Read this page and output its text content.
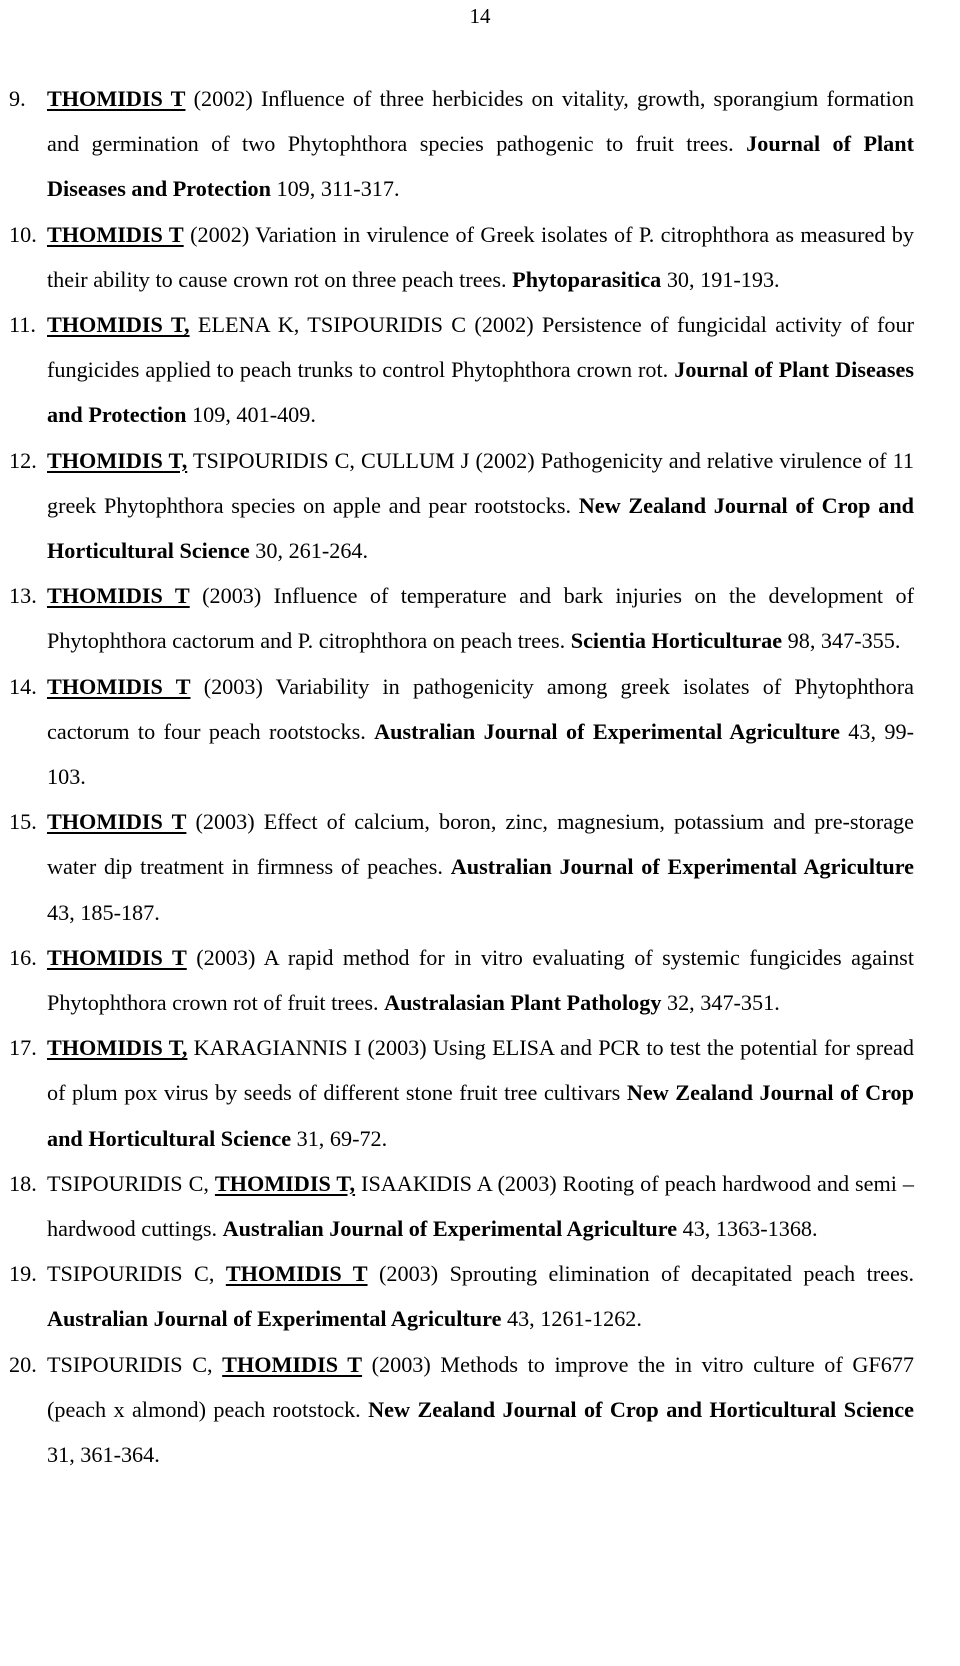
14
9. THOMIDIS T (2002) Influence of three herbicides on vitality, growth, sporangium formation and germination of two Phytophthora species pathogenic to fruit trees. Journal of Plant Diseases and Protection 109, 311-317.
10. THOMIDIS T (2002) Variation in virulence of Greek isolates of P. citrophthora as measured by their ability to cause crown rot on three peach trees. Phytoparasitica 30, 191-193.
11. THOMIDIS T, ELENA K, TSIPOURIDIS C (2002) Persistence of fungicidal activity of four fungicides applied to peach trunks to control Phytophthora crown rot. Journal of Plant Diseases and Protection 109, 401-409.
12. THOMIDIS T, TSIPOURIDIS C, CULLUM J (2002) Pathogenicity and relative virulence of 11 greek Phytophthora species on apple and pear rootstocks. New Zealand Journal of Crop and Horticultural Science 30, 261-264.
13. THOMIDIS T (2003) Influence of temperature and bark injuries on the development of Phytophthora cactorum and P. citrophthora on peach trees. Scientia Horticulturae 98, 347-355.
14. THOMIDIS T (2003) Variability in pathogenicity among greek isolates of Phytophthora cactorum to four peach rootstocks. Australian Journal of Experimental Agriculture 43, 99-103.
15. THOMIDIS T (2003) Effect of calcium, boron, zinc, magnesium, potassium and pre-storage water dip treatment in firmness of peaches. Australian Journal of Experimental Agriculture 43, 185-187.
16. THOMIDIS T (2003) A rapid method for in vitro evaluating of systemic fungicides against Phytophthora crown rot of fruit trees. Australasian Plant Pathology 32, 347-351.
17. THOMIDIS T, KARAGIANNIS I (2003) Using ELISA and PCR to test the potential for spread of plum pox virus by seeds of different stone fruit tree cultivars New Zealand Journal of Crop and Horticultural Science 31, 69-72.
18. TSIPOURIDIS C, THOMIDIS T, ISAAKIDIS A (2003) Rooting of peach hardwood and semi – hardwood cuttings. Australian Journal of Experimental Agriculture 43, 1363-1368.
19. TSIPOURIDIS C, THOMIDIS T (2003) Sprouting elimination of decapitated peach trees. Australian Journal of Experimental Agriculture 43, 1261-1262.
20. TSIPOURIDIS C, THOMIDIS T (2003) Methods to improve the in vitro culture of GF677 (peach x almond) peach rootstock. New Zealand Journal of Crop and Horticultural Science 31, 361-364.
